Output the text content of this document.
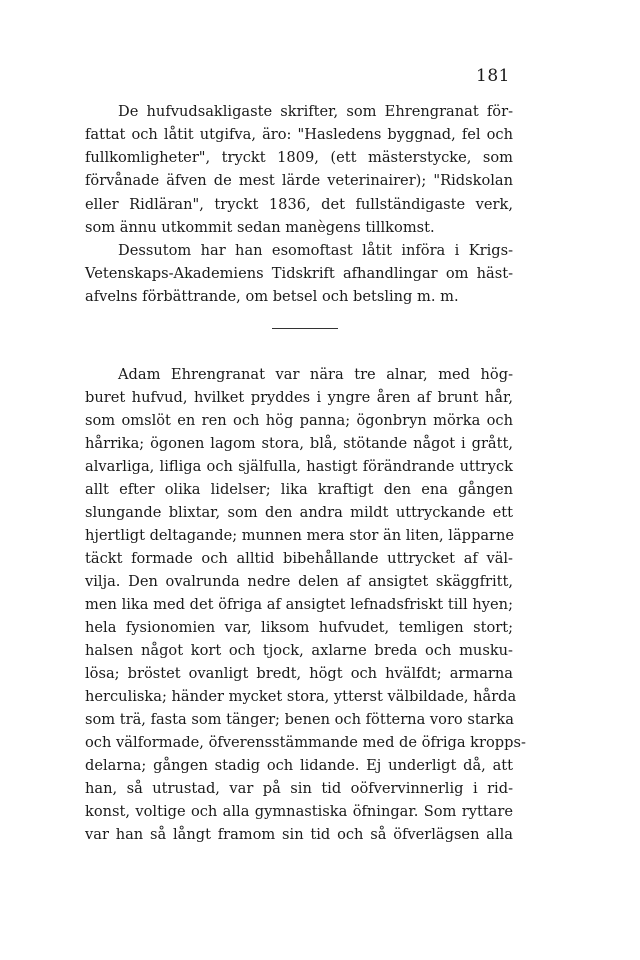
181
De hufvudsakligaste skrifter, som Ehrengranat för-
fattat och låtit utgifva, äro: "Hasledens byggnad, fel och
fullkomligheter", tryckt 1809, (ett mästerstycke, som
förvånade äfven de mest lärde veterinairer); "Ridskolan
eller Ridläran", tryckt 1836, det fullständigaste verk,
som ännu utkommit sedan manègens tillkomst.
Dessutom har han esomoftast låtit införa i Krigs-
Vetenskaps-Akademiens Tidskrift afhandlingar om häst-
afvelns förbättrande, om betsel och betsling m. m.
Adam Ehrengranat var nära tre alnar, med hög-
buret hufvud, hvilket pryddes i yngre åren af brunt hår,
som omslöt en ren och hög panna; ögonbryn mörka och
hårrika; ögonen lagom stora, blå, stötande något i grått,
alvarliga, lifliga och själfulla, hastigt förändrande uttryck
allt efter olika lidelser; lika kraftigt den ena gången
slungande blixtar, som den andra mildt uttryckande ett
hjertligt deltagande; munnen mera stor än liten, läpparne
täckt formade och alltid bibehållande uttrycket af väl-
vilja. Den ovalrunda nedre delen af ansigtet skäggfritt,
men lika med det öfriga af ansigtet lefnadsfriskt till hyen;
hela fysionomien var, liksom hufvudet, temligen stort;
halsen något kort och tjock, axlarne breda och musku-
lösa; bröstet ovanligt bredt, högt och hvälfdt; armarna
herculiska; händer mycket stora, ytterst välbildade, hårda
som trä, fasta som tänger; benen och fötterna voro starka
och välformade, öfverensstämmande med de öfriga kropps-
delarna; gången stadig och lidande. Ej underligt då, att
han, så utrustad, var på sin tid oöfvervinnerlig i rid-
konst, voltige och alla gymnastiska öfningar. Som ryttare
var han så långt framom sin tid och så öfverlägsen alla
